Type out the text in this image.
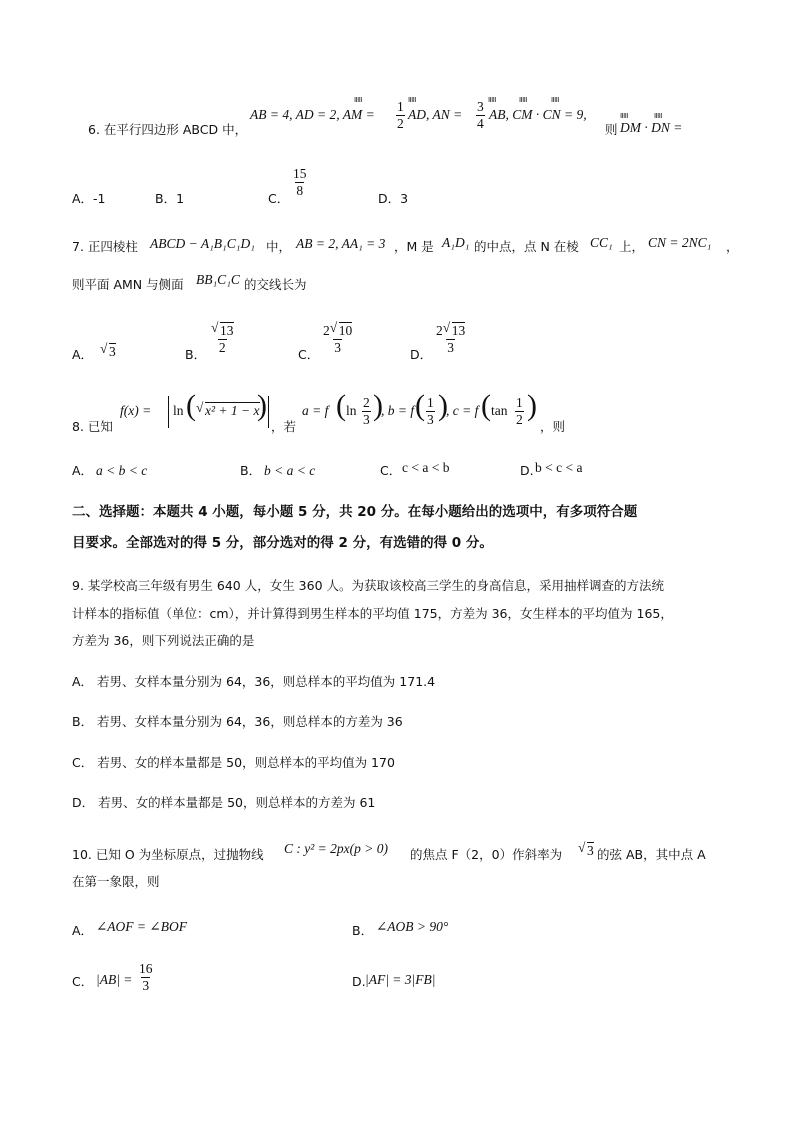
ꓲꓲꓲꓲꓲ	ꓲꓲꓲꓲꓲ	ꓲꓲꓲꓲꓲ	ꓲꓲꓲꓲꓲ	ꓲꓲꓲꓲꓲ
ꓲꓲꓲꓲꓲ	ꓲꓲꓲꓲꓲ
AB = 4, AD = 2, AM = $\frac{1}{2}$ AD, AN = $\frac{3}{4}$ AB, CM · CN = 9,
则 DM · DN =
6. 在平行四边形 ABCD 中，
A．-1	B．1	C．
$\frac{15}{8}$
D．3
7. 正四棱柱 ABCD − A₁B₁C₁D₁ 中， AB = 2, AA₁ = 3 ，M 是 A₁D₁ 的中点，点 N 在棱 CC₁ 上， CN = 2NC₁ ，
则平面 AMN 与侧面 BB₁C₁C 的交线长为
A．	√ 3	B． √ $\frac{13}{2}$	C． $\frac{2 √ 10}{3}$	D． $\frac{2 √ 13}{3}$
8. 已知
f(x) = ln ( √ x² + 1 − x
)
，若
a = f ( $\ln \frac{2}{3}$ )
, b = f ( $\frac{1}{3}$ )
, c = f ( $\tan \frac{1}{2}$ )
，则
A． a < b < c	B． b < a < c	C． c < a < b	D. b < c < a
二、选择题：本题共 4 小题，每小题 5 分，共 20 分。在每小题给出的选项中，有多项符合题
目要求。全部选对的得 5 分，部分选对的得 2 分，有选错的得 0 分。
9. 某学校高三年级有男生 640 人，女生 360 人。为获取该校高三学生的身高信息，采用抽样调查的方法统
计样本的指标值（单位：cm），并计算得到男生样本的平均值 175，方差为 36，女生样本的平均值为 165，
方差为 36，则下列说法正确的是
A． 若男、女样本量分别为 64，36，则总样本的平均值为 171.4
B． 若男、女样本量分别为 64，36，则总样本的方差为 36
C． 若男、女的样本量都是 50，则总样本的平均值为 170
D． 若男、女的样本量都是 50，则总样本的方差为 61
10. 已知 O 为坐标原点，过抛物线 C : y² = 2px(p > 0) 的焦点 F（2，0）作斜率为	√ 3 的弦 AB，其中点 A
在第一象限，则
A． ∠AOF = ∠BOF	B． ∠AOB > 90°
C． $|AB| = \frac{16}{3}$	D. |AF| = 3|FB|
